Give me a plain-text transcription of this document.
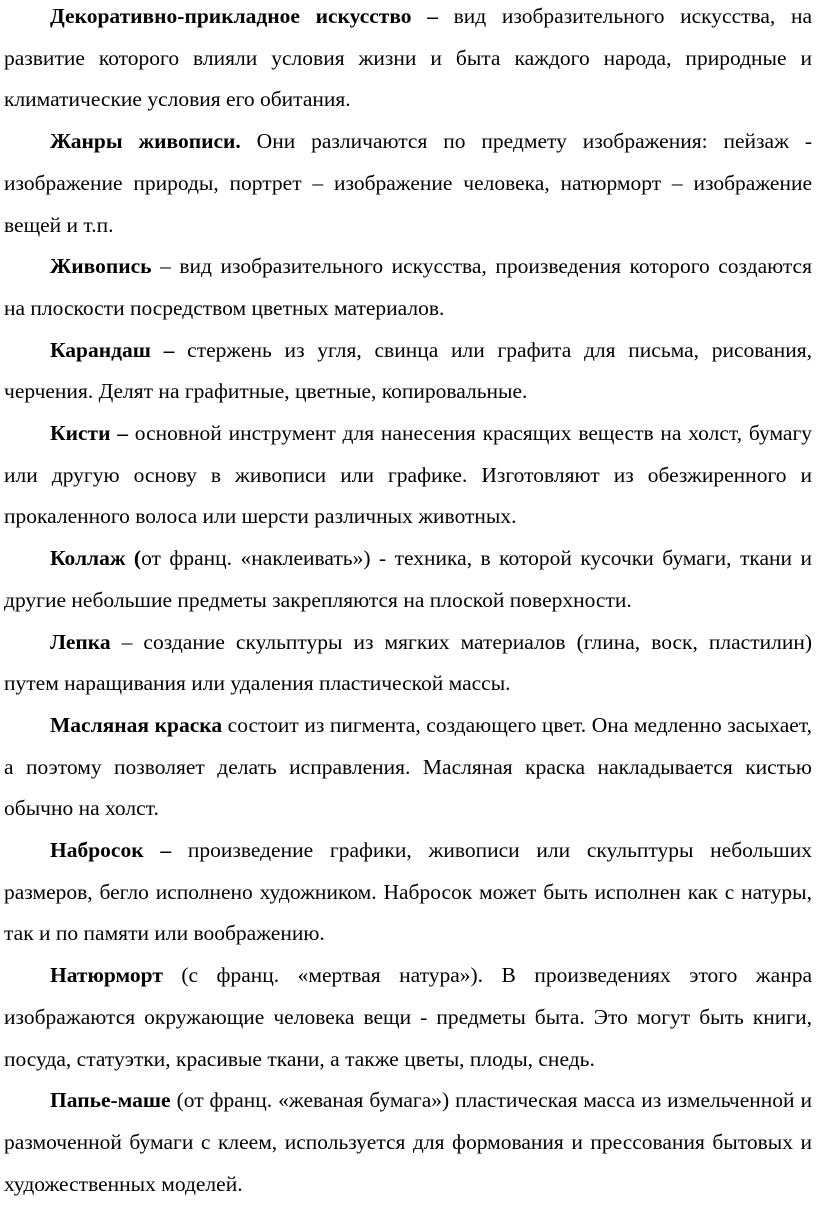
Декоративно-прикладное искусство – вид изобразительного искусства, на развитие которого влияли условия жизни и быта каждого народа, природные и климатические условия его обитания.

Жанры живописи. Они различаются по предмету изображения: пейзаж - изображение природы, портрет – изображение человека, натюрморт – изображение вещей и т.п.

Живопись – вид изобразительного искусства, произведения которого создаются на плоскости посредством цветных материалов.

Карандаш – стержень из угля, свинца или графита для письма, рисования, черчения. Делят на графитные, цветные, копировальные.

Кисти – основной инструмент для нанесения красящих веществ на холст, бумагу или другую основу в живописи или графике. Изготовляют из обезжиренного и прокаленного волоса или шерсти различных животных.

Коллаж (от франц. «наклеивать») - техника, в которой кусочки бумаги, ткани и другие небольшие предметы закрепляются на плоской поверхности.

Лепка – создание скульптуры из мягких материалов (глина, воск, пластилин) путем наращивания или удаления пластической массы.

Масляная краска состоит из пигмента, создающего цвет. Она медленно засыхает, а поэтому позволяет делать исправления. Масляная краска накладывается кистью обычно на холст.

Набросок – произведение графики, живописи или скульптуры небольших размеров, бегло исполнено художником. Набросок может быть исполнен как с натуры, так и по памяти или воображению.

Натюрморт (с франц. «мертвая натура»). В произведениях этого жанра изображаются окружающие человека вещи - предметы быта. Это могут быть книги, посуда, статуэтки, красивые ткани, а также цветы, плоды, снедь.

Папье-маше (от франц. «жеваная бумага») пластическая масса из измельченной и размоченной бумаги с клеем, используется для формования и прессования бытовых и художественных моделей.
